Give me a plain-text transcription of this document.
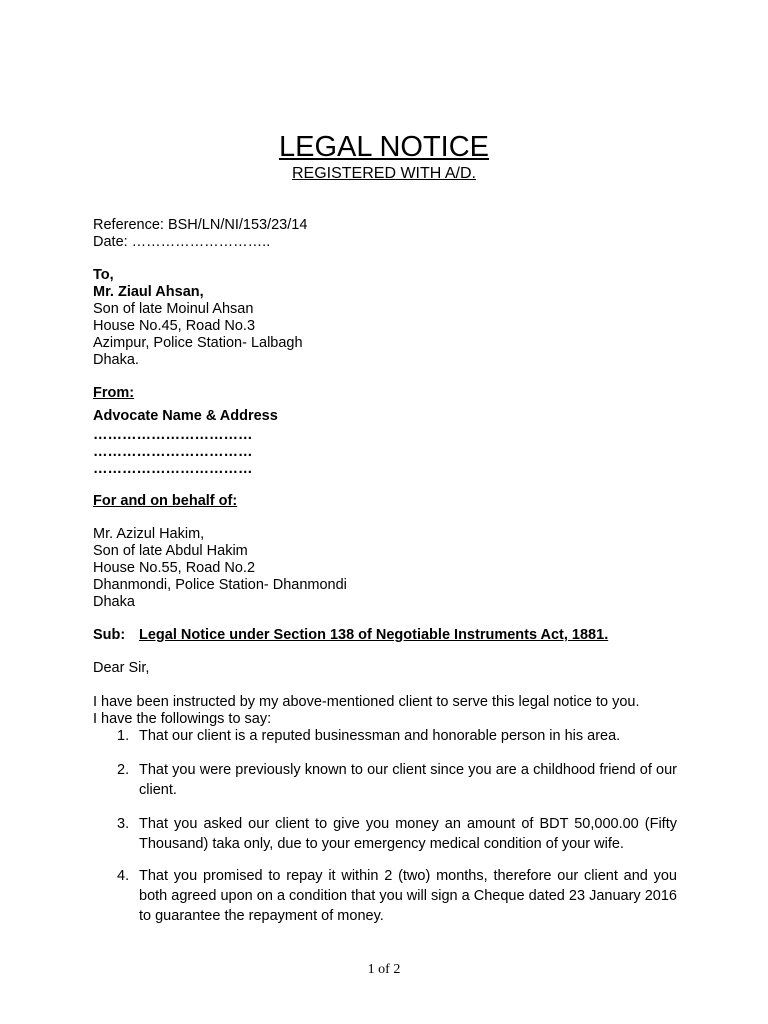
LEGAL NOTICE
REGISTERED WITH A/D.
Reference: BSH/LN/NI/153/23/14
Date: ………………………..
To,
Mr. Ziaul Ahsan,
Son of late Moinul Ahsan
House No.45, Road No.3
Azimpur, Police Station- Lalbagh
Dhaka.
From:
Advocate Name & Address
……………………………
……………………………
……………………………
For and on behalf of:
Mr. Azizul Hakim,
Son of late Abdul Hakim
House No.55, Road No.2
Dhanmondi, Police Station- Dhanmondi
Dhaka
Sub: Legal Notice under Section 138 of Negotiable Instruments Act, 1881.
Dear Sir,
I have been instructed by my above-mentioned client to serve this legal notice to you.
I have the followings to say:
1. That our client is a reputed businessman and honorable person in his area.
2. That you were previously known to our client since you are a childhood friend of our client.
3. That you asked our client to give you money an amount of BDT 50,000.00 (Fifty Thousand) taka only, due to your emergency medical condition of your wife.
4. That you promised to repay it within 2 (two) months, therefore our client and you both agreed upon on a condition that you will sign a Cheque dated 23 January 2016 to guarantee the repayment of money.
1 of 2
